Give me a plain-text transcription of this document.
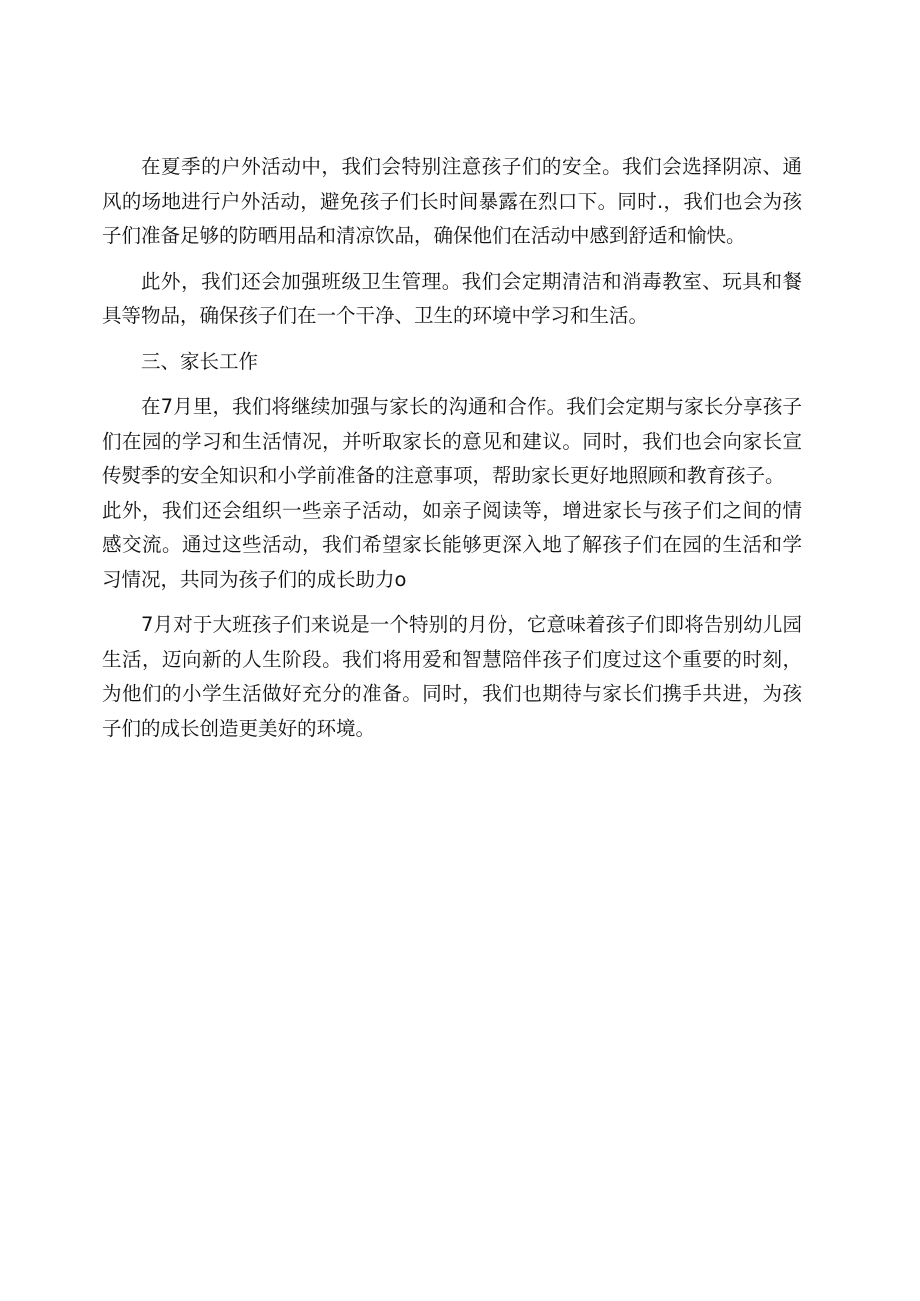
在夏季的户外活动中，我们会特别注意孩子们的安全。我们会选择阴凉、通风的场地进行户外活动，避免孩子们长时间暴露在烈口下。同时.，我们也会为孩子们准备足够的防晒用品和清凉饮品，确保他们在活动中感到舒适和愉快。

此外，我们还会加强班级卫生管理。我们会定期清洁和消毒教室、玩具和餐具等物品，确保孩子们在一个干净、卫生的环境中学习和生活。

三、家长工作

在7月里，我们将继续加强与家长的沟通和合作。我们会定期与家长分享孩子们在园的学习和生活情况，并听取家长的意见和建议。同时，我们也会向家长宣传熨季的安全知识和小学前准备的注意事项，帮助家长更好地照顾和教育孩子。

此外，我们还会组织一些亲子活动，如亲子阅读等，增进家长与孩子们之间的情感交流。通过这些活动，我们希望家长能够更深入地了解孩子们在园的生活和学习情况，共同为孩子们的成长助力o

7月对于大班孩子们来说是一个特别的月份，它意味着孩子们即将告别幼儿园生活，迈向新的人生阶段。我们将用爱和智慧陪伴孩子们度过这个重要的时刻，为他们的小学生活做好充分的准备。同时，我们也期待与家长们携手共进，为孩子们的成长创造更美好的环境。
